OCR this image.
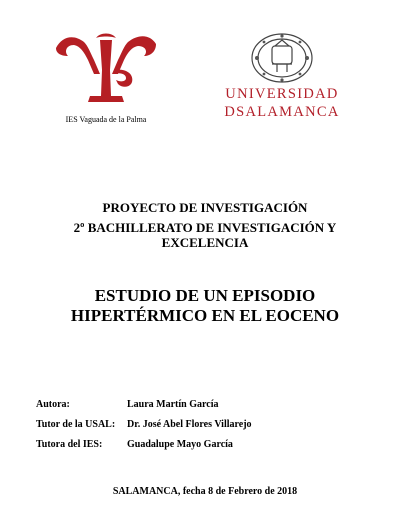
IES Vaguada de la Palma
UNIVERSIDAD
DSALAMANCA
PROYECTO DE INVESTIGACIÓN
2º BACHILLERATO DE INVESTIGACIÓN Y EXCELENCIA
ESTUDIO DE UN EPISODIO HIPERTÉRMICO EN EL EOCENO
Autora:	Laura Martín García
Tutor de la USAL:	Dr. José Abel Flores Villarejo
Tutora del IES:	Guadalupe Mayo García
SALAMANCA, fecha 8 de Febrero de 2018
